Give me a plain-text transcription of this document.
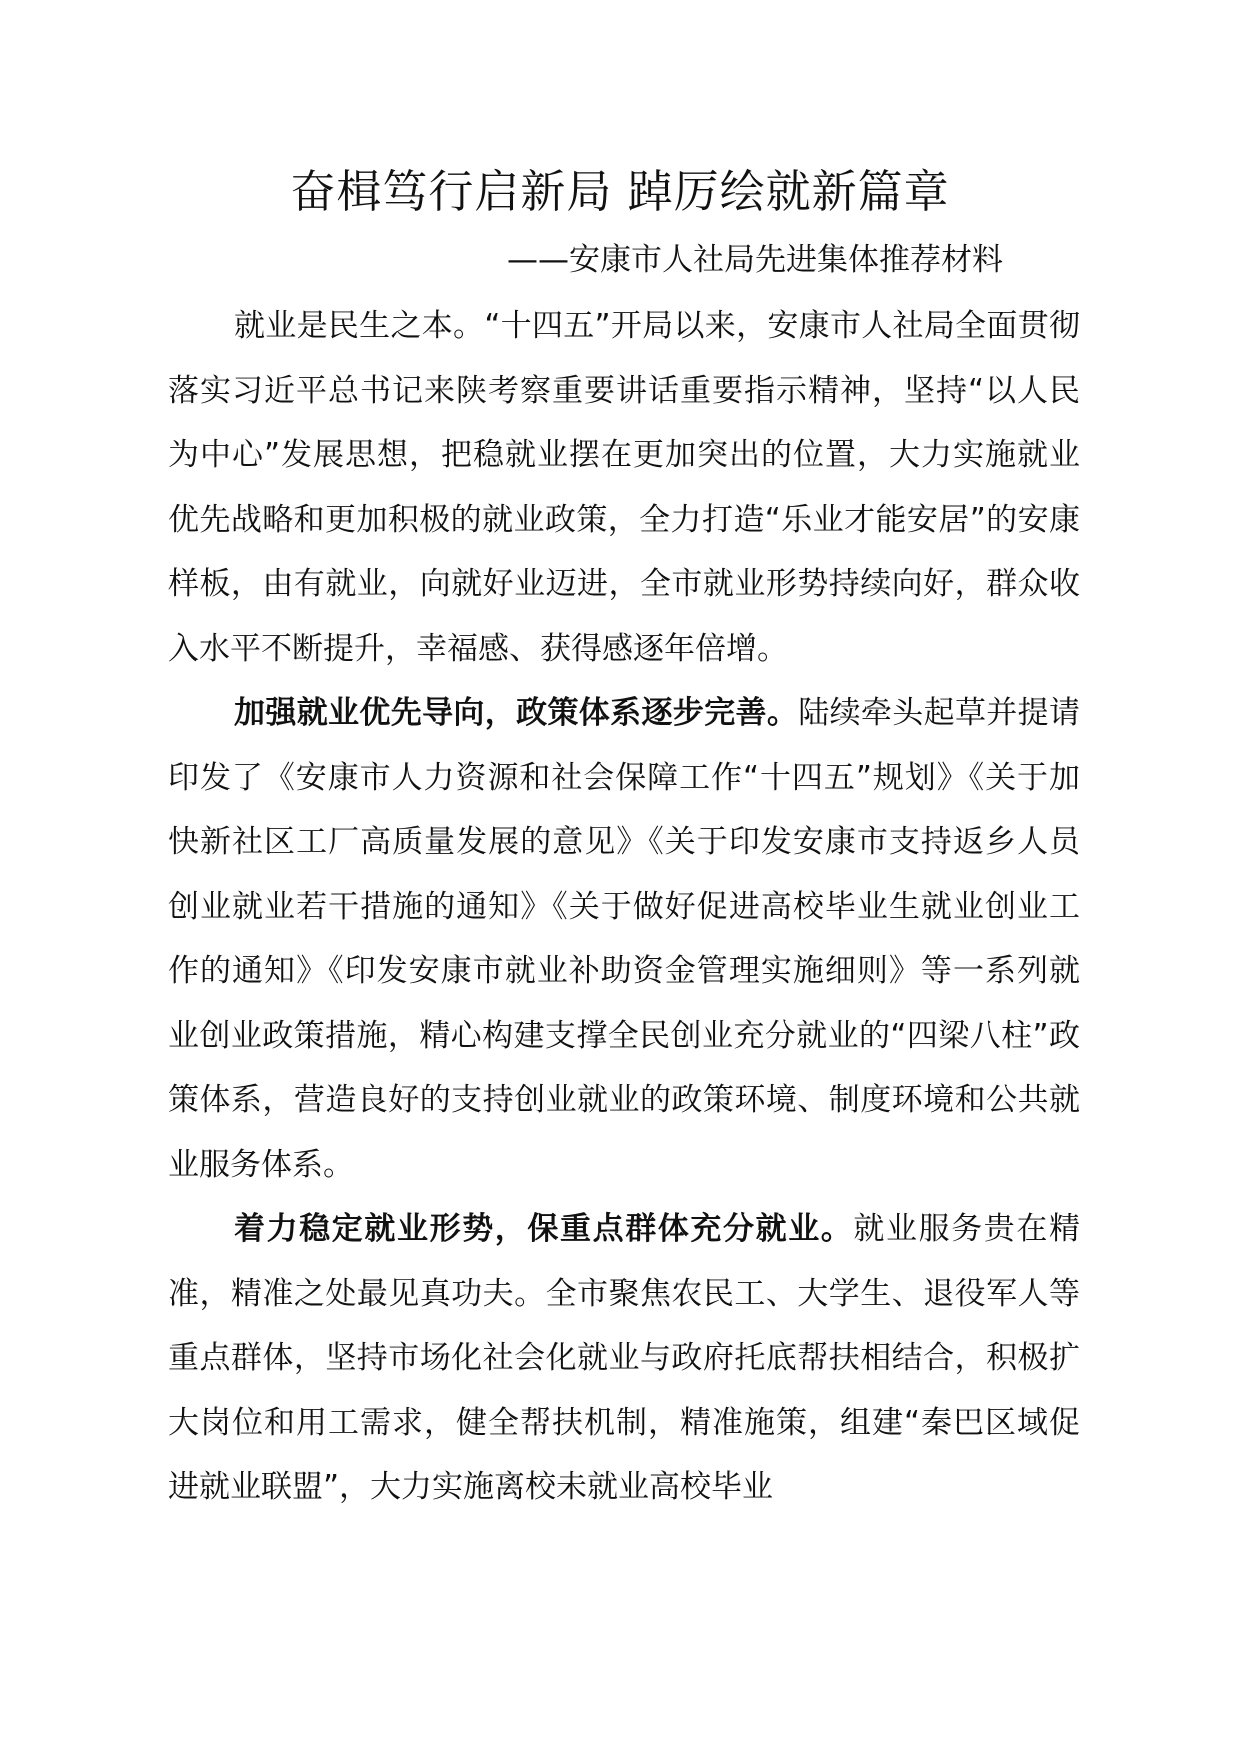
奋楫笃行启新局 踔厉绘就新篇章

——安康市人社局先进集体推荐材料

就业是民生之本。“十四五”开局以来，安康市人社局全面贯彻落实习近平总书记来陕考察重要讲话重要指示精神，坚持“以人民为中心”发展思想，把稳就业摆在更加突出的位置，大力实施就业优先战略和更加积极的就业政策，全力打造“乐业才能安居”的安康样板，由有就业，向就好业迈进，全市就业形势持续向好，群众收入水平不断提升，幸福感、获得感逐年倍增。

加强就业优先导向，政策体系逐步完善。陆续牵头起草并提请印发了《安康市人力资源和社会保障工作“十四五”规划》《关于加快新社区工厂高质量发展的意见》《关于印发安康市支持返乡人员创业就业若干措施的通知》《关于做好促进高校毕业生就业创业工作的通知》《印发安康市就业补助资金管理实施细则》等一系列就业创业政策措施，精心构建支撑全民创业充分就业的“四梁八柱”政策体系，营造良好的支持创业就业的政策环境、制度环境和公共就业服务体系。

着力稳定就业形势，保重点群体充分就业。就业服务贵在精准，精准之处最见真功夫。全市聚焦农民工、大学生、退役军人等重点群体，坚持市场化社会化就业与政府托底帮扶相结合，积极扩大岗位和用工需求，健全帮扶机制，精准施策，组建“秦巴区域促进就业联盟”，大力实施离校未就业高校毕业
